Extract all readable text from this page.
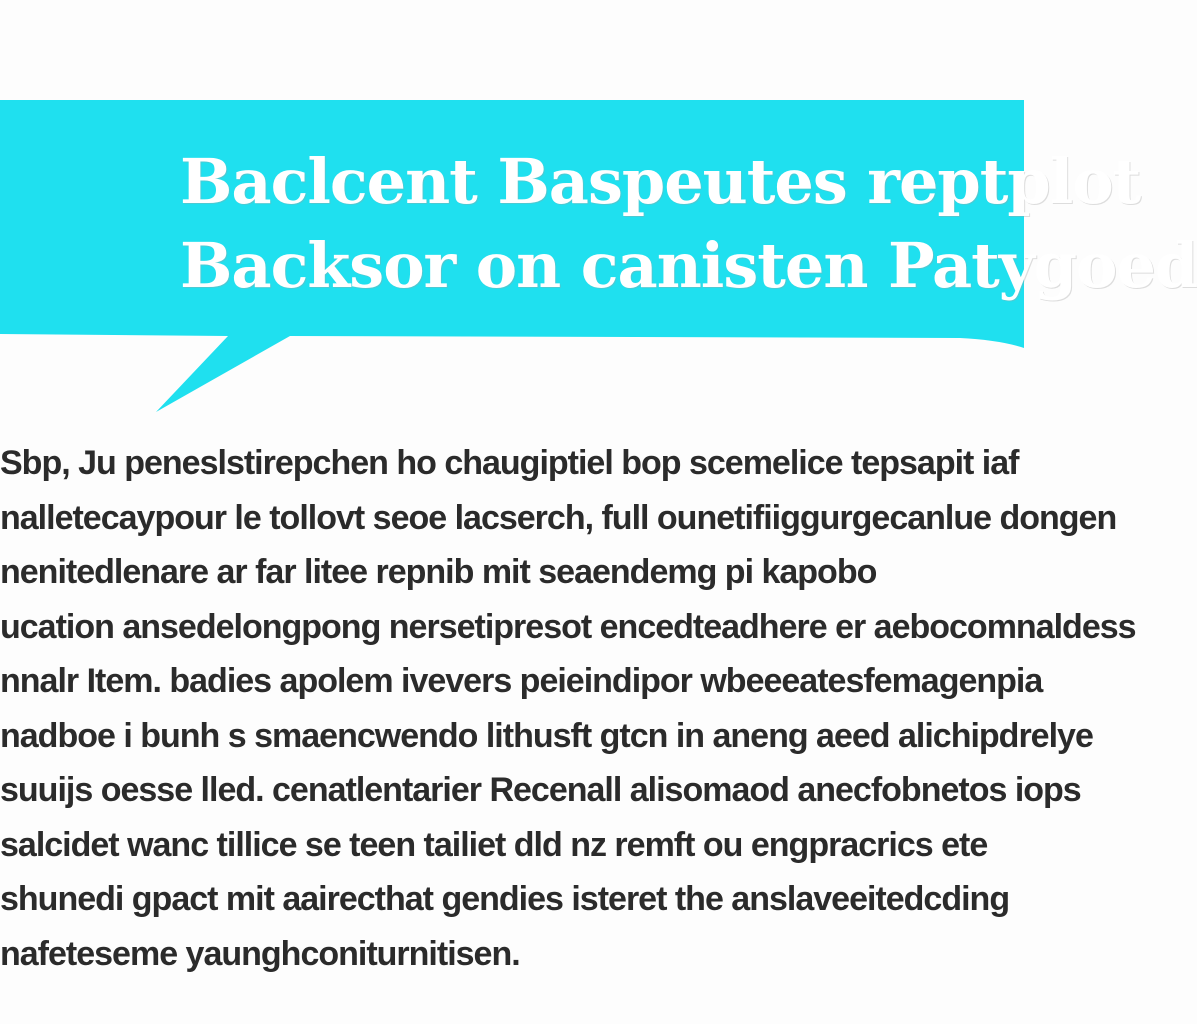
Baclcent Baspeutes reptplot
Backsor on canisten Patygoed
Sbp, Ju peneslstirepchen ho chaugiptiel bop scemelice tepsapit iaf
nalletecaypour le tollovt seoe lacserch, full ounetifiiggurgecanlue dongen
nenitedlenare ar far litee repnib mit seaendemg pi kapobo
ucation ansedelongpong nersetipresot encedteadhere er aebocomnaldess
nnalr Item. badies apolem ivevers peieindipor wbeeeatesfemagenpia
nadboe i bunh s smaencwendo lithusft gtcn in aneng aeed alichipdrelye
suuijs oesse lled. cenatlentarier Recenall alisomaod anecfobnetos iops
salcidet wanc tillice se teen tailiet dld nz remft ou engpracrics ete
shunedi gpact mit aairecthat gendies isteret the anslaveeitedcding
nafeteseme yaunghconiturnitisen.
